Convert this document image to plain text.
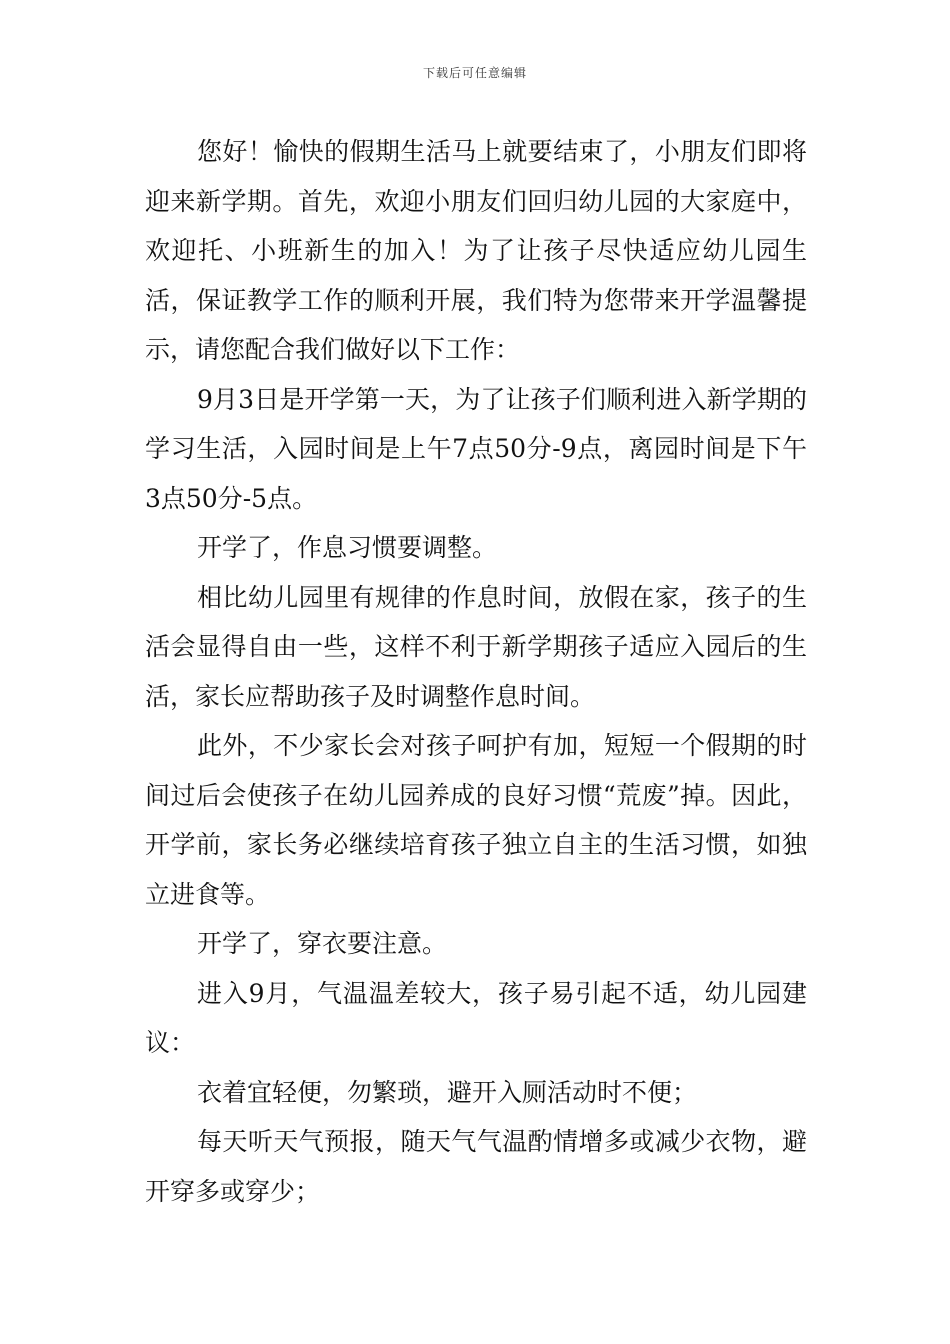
下载后可任意编辑

您好！愉快的假期生活马上就要结束了，小朋友们即将迎来新学期。首先，欢迎小朋友们回归幼儿园的大家庭中，欢迎托、小班新生的加入！为了让孩子尽快适应幼儿园生活，保证教学工作的顺利开展，我们特为您带来开学温馨提示，请您配合我们做好以下工作：

9月3日是开学第一天，为了让孩子们顺利进入新学期的学习生活，入园时间是上午7点50分-9点，离园时间是下午3点50分-5点。

开学了，作息习惯要调整。

相比幼儿园里有规律的作息时间，放假在家，孩子的生活会显得自由一些，这样不利于新学期孩子适应入园后的生活，家长应帮助孩子及时调整作息时间。

此外，不少家长会对孩子呵护有加，短短一个假期的时间过后会使孩子在幼儿园养成的良好习惯“荒废”掉。因此，开学前，家长务必继续培育孩子独立自主的生活习惯，如独立进食等。

开学了，穿衣要注意。

进入9月，气温温差较大，孩子易引起不适，幼儿园建议：

衣着宜轻便，勿繁琐，避开入厕活动时不便；

每天听天气预报，随天气气温酌情增多或减少衣物，避开穿多或穿少；
